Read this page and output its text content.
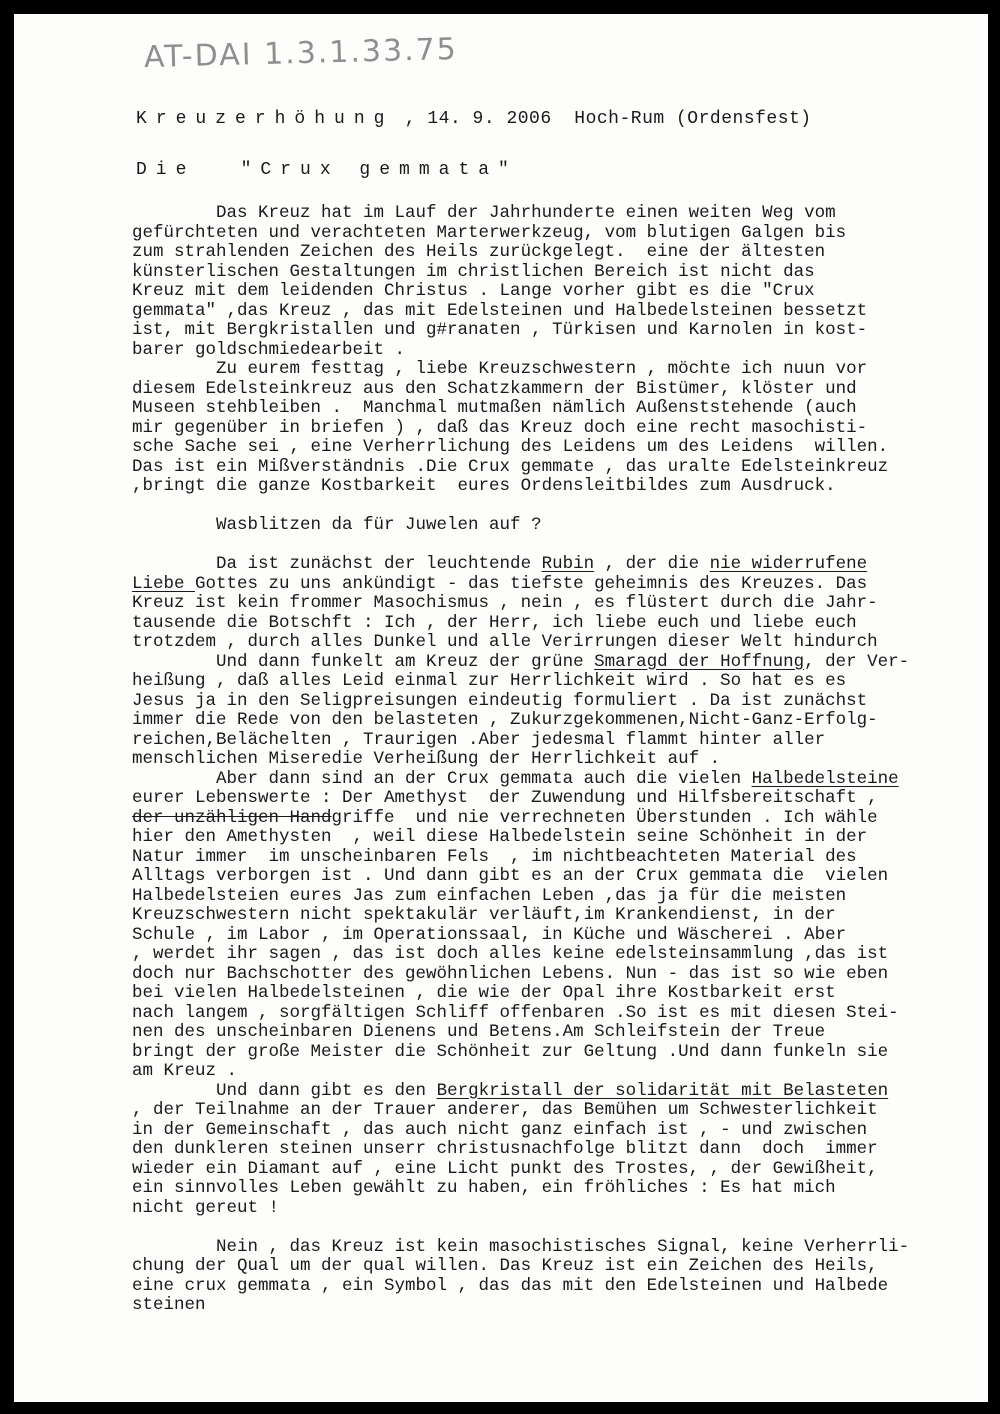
AT-DAI 1.3.1.33.75
Kreuzerhöhung , 14. 9. 2006  Hoch-Rum (Ordensfest)
Die	"Crux gemmata"
Das Kreuz hat im Lauf der Jahrhunderte einen weiten Weg vom
gefürchteten und verachteten Marterwerkzeug, vom blutigen Galgen bis
zum strahlenden Zeichen des Heils zurückgelegt.  eine der ältesten
künsterlischen Gestaltungen im christlichen Bereich ist nicht das
Kreuz mit dem leidenden Christus . Lange vorher gibt es die "Crux
gemmata" ,das Kreuz , das mit Edelsteinen und Halbedelsteinen bessetzt
ist, mit Bergkristallen und g#ranaten , Türkisen und Karnolen in kost-
barer goldschmiedearbeit .
Zu eurem festtag , liebe Kreuzschwestern , möchte ich nuun vor
diesem Edelsteinkreuz aus den Schatzkammern der Bistümer, klöster und
Museen stehbleiben .  Manchmal mutmaßen nämlich Außenststehende (auch
mir gegenüber in briefen ) , daß das Kreuz doch eine recht masochisti-
sche Sache sei , eine Verherrlichung des Leidens um des Leidens  willen.
Das ist ein Mißverständnis .Die Crux gemmate , das uralte Edelsteinkreuz
,bringt die ganze Kostbarkeit  eures Ordensleitbildes zum Ausdruck.
Wasblitzen da für Juwelen auf ?
Da ist zunächst der leuchtende Rubin , der die nie widerrufene
Liebe Gottes zu uns ankündigt - das tiefste geheimnis des Kreuzes. Das
Kreuz ist kein frommer Masochismus , nein , es flüstert durch die Jahr-
tausende die Botschft : Ich , der Herr, ich liebe euch und liebe euch
trotzdem , durch alles Dunkel und alle Verirrungen dieser Welt hindurch
Und dann funkelt am Kreuz der grüne Smaragd der Hoffnung, der Ver-
heißung , daß alles Leid einmal zur Herrlichkeit wird . So hat es es
Jesus ja in den Seligpreisungen eindeutig formuliert . Da ist zunächst
immer die Rede von den belasteten , Zukurzgekommenen,Nicht-Ganz-Erfolg-
reichen,Belächelten , Traurigen .Aber jedesmal flammt hinter aller
menschlichen Miseredie Verheißung der Herrlichkeit auf .
Aber dann sind an der Crux gemmata auch die vielen Halbedelsteine
eurer Lebenswerte : Der Amethyst  der Zuwendung und Hilfsbereitschaft ,
der unzähligen Handgriffe  und nie verrechneten Überstunden . Ich wähle
hier den Amethysten  , weil diese Halbedelstein seine Schönheit in der
Natur immer  im unscheinbaren Fels  , im nichtbeachteten Material des
Alltags verborgen ist . Und dann gibt es an der Crux gemmata die  vielen
Halbedelsteien eures Jas zum einfachen Leben ,das ja für die meisten
Kreuzschwestern nicht spektakulär verläuft,im Krankendienst, in der
Schule , im Labor , im Operationssaal, in Küche und Wäscherei . Aber
, werdet ihr sagen , das ist doch alles keine edelsteinsammlung ,das ist
doch nur Bachschotter des gewöhnlichen Lebens. Nun - das ist so wie eben
bei vielen Halbedelsteinen , die wie der Opal ihre Kostbarkeit erst
nach langem , sorgfältigen Schliff offenbaren .So ist es mit diesen Stei-
nen des unscheinbaren Dienens und Betens.Am Schleifstein der Treue
bringt der große Meister die Schönheit zur Geltung .Und dann funkeln sie
am Kreuz .
Und dann gibt es den Bergkristall der solidarität mit Belasteten
, der Teilnahme an der Trauer anderer, das Bemühen um Schwesterlichkeit
in der Gemeinschaft , das auch nicht ganz einfach ist , - und zwischen
den dunkleren steinen unserr christusnachfolge blitzt dann  doch  immer
wieder ein Diamant auf , eine Licht punkt des Trostes, , der Gewißheit,
ein sinnvolles Leben gewählt zu haben, ein fröhliches : Es hat mich
nicht gereut !
Nein , das Kreuz ist kein masochistisches Signal, keine Verherrli-
chung der Qual um der qual willen. Das Kreuz ist ein Zeichen des Heils,
eine crux gemmata , ein Symbol , das das mit den Edelsteinen und Halbede
steinen
